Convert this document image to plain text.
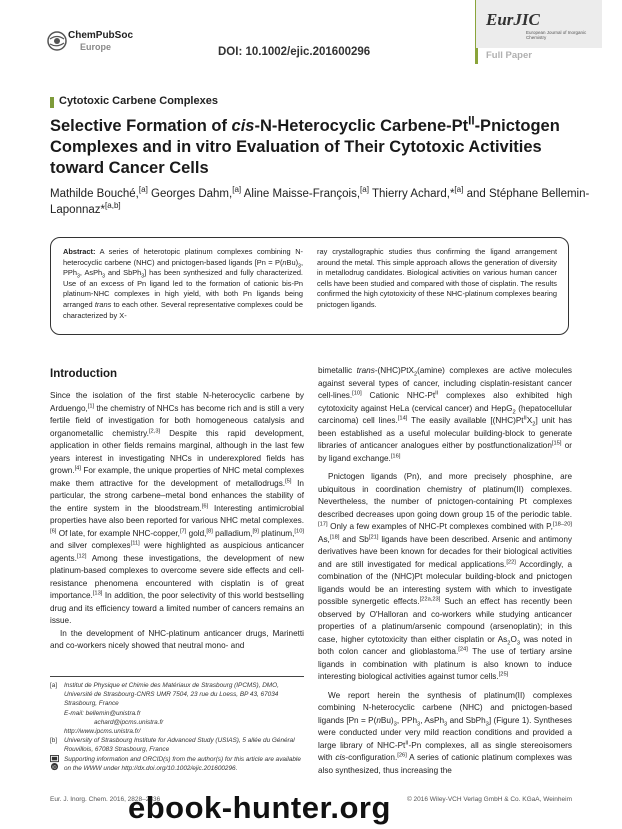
ChemPubSoc
Europe	DOI: 10.1002/ejic.201600296
EurJIC
European Journal of Inorganic Chemistry
Full Paper
Cytotoxic Carbene Complexes
Selective Formation of cis-N-Heterocyclic Carbene-$Pt^{II}$-Pnictogen Complexes and in vitro Evaluation of Their Cytotoxic Activities toward Cancer Cells
Mathilde Bouché,[a] Georges Dahm,[a] Aline Maisse-François,[a] Thierry Achard,*[a] and Stéphane Bellemin-Laponnaz*[a,b]
Abstract: A series of heterotopic platinum complexes combining N-heterocyclic carbene (NHC) and pnictogen-based ligands [$Pn = P(nBu)_3$, PPh$_3$, AsPh$_3$ and SbPh$_3$] has been synthesized and fully characterized. Use of an excess of Pn ligand led to the formation of cationic bis-Pn platinum-NHC complexes in high yield, with both Pn ligands being arranged trans to each other. Several representative complexes could be characterized by X-
ray crystallographic studies thus confirming the ligand arrangement around the metal. This simple approach allows the generation of diversity in metallodrug candidates. Biological activities on various human cancer cells have been studied and compared with those of cisplatin. The results confirmed the high cytotoxicity of these NHC-platinum complexes bearing pnictogen ligands.
Introduction

Since the isolation of the first stable N-heterocyclic carbene by Arduengo,[1] the chemistry of NHCs has become rich and is still a very fertile field of investigation for both homogeneous catalysis and organometallic chemistry.[2,3] Despite this rapid development, application in other fields remains marginal, although in the last few years interest in investigating NHCs in underexplored fields has grown.[4] For example, the unique properties of NHC metal complexes make them attractive for the development of metallodrugs.[5] In particular, the strong carbene–metal bond enhances the stability of the entire system in the bloodstream.[6] Interesting antimicrobial properties have also been reported for various NHC metal complexes.[6] Of late, for example NHC-copper,[7] gold,[8] palladium,[9] platinum,[10] and silver complexes[11] were highlighted as auspicious anticancer agents.[12] Among these investigations, the development of new platinum-based complexes to overcome severe side effects and cell-resistance phenomena encountered with cisplatin is of great importance.[13] In addition, the poor selectivity of this world bestselling drug and its efficiency toward a limited number of cancers remains an issue.

In the development of NHC-platinum anticancer drugs, Marinetti and co-workers nicely showed that neutral mono- and

bimetallic trans-(NHC)PtX$_2$(amine) complexes are active molecules against several types of cancer, including cisplatin-resistant cancer cell-lines.[10] Cationic NHC-$Pt^{II}$ complexes also exhibited high cytotoxicity against HeLa (cervical cancer) and HepG$_2$ (hepatocellular carcinoma) cell lines.[14] The easily available $[(NHC)Pt^{II}X_2]$ unit has been established as a useful molecular building-block to generate libraries of anticancer analogues either by postfunctionalization[15] or by ligand exchange.[16]

Pnictogen ligands (Pn), and more precisely phosphine, are ubiquitous in coordination chemistry of platinum(II) complexes. Nevertheless, the number of pnictogen-containing Pt complexes described decreases upon going down group 15 of the periodic table.[17] Only a few examples of NHC-Pt complexes combined with P,[18–20] As,[18] and Sb[21] ligands have been described. Arsenic and antimony derivatives have been known for decades for their biological activities and are still investigated for medical applications.[22] Accordingly, a combination of the (NHC)Pt molecular building-block and pnictogen ligands would be an interesting system with which to investigate possible synergetic effects.[22a,23] Such an effect has recently been observed by O'Halloran and co-workers while studying anticancer properties of a platinum/arsenic compound (arsenoplatin); in this case, higher cytotoxicity than either cisplatin or $As_2O_3$ was noted in both colon cancer and glioblastoma.[24] The use of tertiary arsine ligands in combination with platinum is also known to induce interesting biological activities against tumor cells.[25]

We report herein the synthesis of platinum(II) complexes combining N-heterocyclic carbene (NHC) and pnictogen-based ligands [$Pn = P(nBu)_3$, PPh$_3$, AsPh$_3$ and SbPh$_3$] (Figure 1). Syntheses were conducted under very mild reaction conditions and provided a large library of NHC-$Pt^{II}-Pn$ complexes, all as single stereoisomers with cis-configuration.[26] A series of cationic platinum complexes was also synthesized, thus increasing the

[a] Institut de Physique et Chimie des Matériaux de Strasbourg (IPCMS), DMO, Université de Strasbourg-CNRS UMR 7504, 23 rue du Loess, BP 43, 67034 Strasbourg, France
E-mail: bellemin@unistra.fr
achard@ipcms.unistra.fr
http://www.ipcms.unistra.fr/
[b] University of Strasbourg Institute for Advanced Study (USIAS), 5 allée du Général Rouvillois, 67083 Strasbourg, France
iD
Supporting information and ORCID(s) from the author(s) for this article are available on the WWW under http://dx.doi.org/10.1002/ejic.201600296.
Eur. J. Inorg. Chem. 2016, 2828–2836	© 2016 Wiley-VCH Verlag GmbH & Co. KGaA, Weinheim
ebook-hunter.org
